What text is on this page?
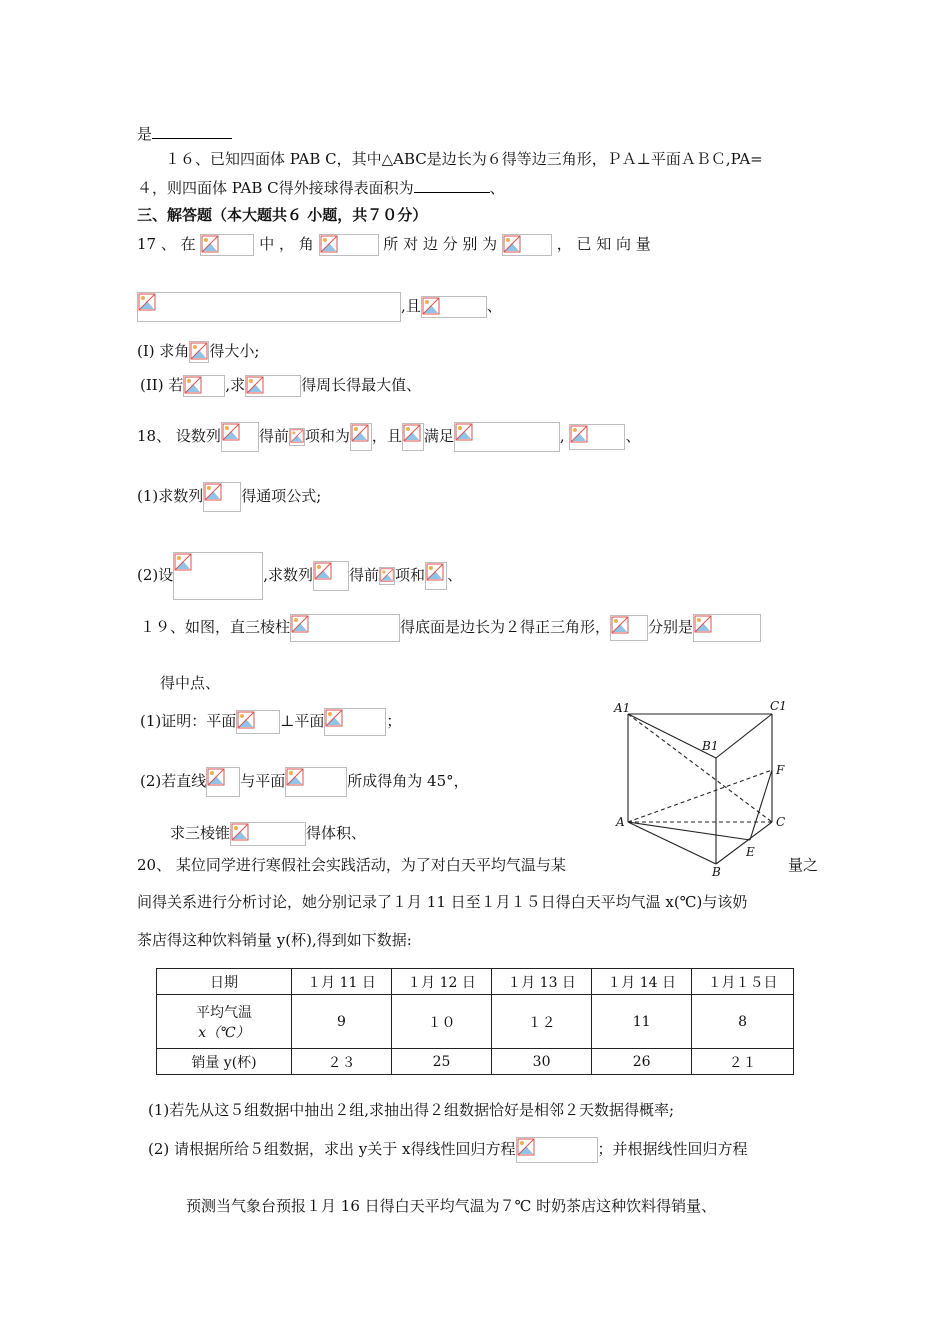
是
１６、已知四面体 PAB C，其中△ABC是边长为６得等边三角形，ＰＡ⊥平面ＡＢＣ,PA=
４，则四面体 PAB C得外接球得表面积为	、
三、解答题（本大题共６ 小题，共７０分）
17 、 在	中 ， 角	所 对 边 分 别 为	， 已 知 向 量
,且	、
(I) 求角 得大小;
(II) 若	,求	得周长得最大值、
18、 设数列	得前 项和为 ，且 满足	,	、
(1)求数列	得通项公式;
(2)设	,求数列 得前 项和 、
１９、如图，直三棱柱	得底面是边长为２得正三角形，	分别是
得中点、
(1)证明：平面	⊥平面	；
(2)若直线 与平面	所成得角为 45°，
求三棱锥	得体积、
A1
B1
C1
A
B
C
E
F
20、 某位同学进行寒假社会实践活动，为了对白天平均气温与某	量之
间得关系进行分析讨论，她分别记录了１月 11 日至１月１５日得白天平均气温 x(℃)与该奶
茶店得这种饮料销量 y(杯),得到如下数据:
日期	１月 11 日	１月 12 日	１月 13 日	１月 14 日	１月１５日

平均气温
x（℃）	9	１０	１２	11	8
销量 y(杯)	２３	25	30	26	２１
(1)若先从这５组数据中抽出２组,求抽出得２组数据恰好是相邻２天数据得概率;
(2) 请根据所给５组数据，求出 y关于 x得线性回归方程	；并根据线性回归方程
预测当气象台预报１月 16 日得白天平均气温为７℃ 时奶茶店这种饮料得销量、
